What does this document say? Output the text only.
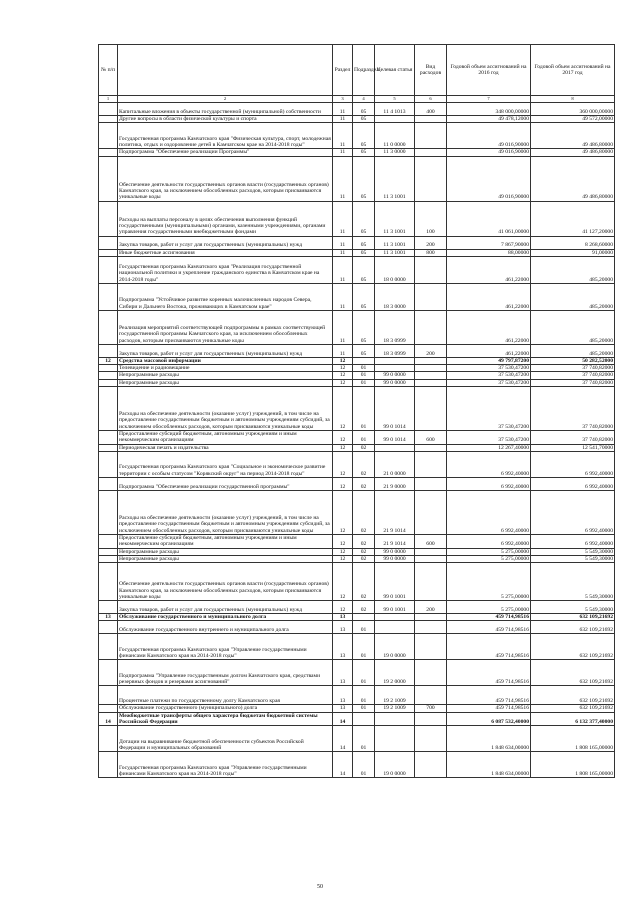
№ п/п		Раздел	Подраздел	Целевая статья	Вид расходов	Годовой объем ассигнований на 2016 год	Годовой объем ассигнований на 2017 год
1	2	3	4	5	6	7	8
	Капитальные вложения в объекты государственной (муниципальной) собственности	11	05	11 4 1013	400	348 000,00000	360 000,00000
	Другие вопросы в области физической культуры и спорта	11	05			49 478,12000	49 572,00000
	Государственная программа Камчатского края "Физическая культура, спорт, молодежная политика, отдых и оздоровление детей в Камчатском крае на 2014-2018 годы"	11	05	11 0 0000		49 016,90000	49 486,80000
	Подпрограмма "Обеспечение реализации Программы"	11	05	11 3 0000		49 016,90000	49 486,80000
	Обеспечение деятельности государственных органов власти (государственных органов) Камчатского края, за исключением обособленных расходов, которым присваиваются уникальные коды	11	05	11 3 1001		49 016,90000	49 486,80000
	Расходы на выплаты персоналу в целях обеспечения выполнения функций государственными (муниципальными) органами, казенными учреждениями, органами управления государственными внебюджетными фондами	11	05	11 3 1001	100	41 061,00000	41 127,20000
	Закупка товаров, работ и услуг для государственных (муниципальных) нужд	11	05	11 3 1001	200	7 867,90000	8 268,60000
	Иные бюджетные ассигнования	11	05	11 3 1001	800	88,00000	91,00000
	Государственная программа Камчатского края "Реализация государственной национальной политики и укрепление гражданского единства в Камчатском крае на 2014-2018 годы"	11	05	18 0 0000		461,22000	485,20000
	Подпрограмма "Устойчивое развитие коренных малочисленных народов Севера, Сибири и Дальнего Востока, проживающих в Камчатском крае"	11	05	18 3 0000		461,22000	485,20000
	Реализация мероприятий соответствующей подпрограммы в рамках соответствующей государственной программы Камчатского края, за исключением обособленных расходов, которым присваиваются уникальные коды	11	05	18 3 0999		461,22000	485,20000
	Закупка товаров, работ и услуг для государственных (муниципальных) нужд	11	05	18 3 0999	200	461,22000	485,20000
12	Средства массовой информации	12				49 797,87200	50 282,52000
	Телевидение и радиовещание	12	01			37 530,47200	37 740,82000
	Непрограммные расходы	12	01	99 0 0000		37 530,47200	37 740,82000
	Непрограммные расходы	12	01	99 0 0000		37 530,47200	37 740,82000
	Расходы на обеспечение деятельности (оказание услуг) учреждений, в том числе на предоставление государственным бюджетным и автономным учреждениям субсидий, за исключением обособленных расходов, которым присваиваются уникальные коды	12	01	99 0 1014		37 530,47200	37 740,82000
	Предоставление субсидий бюджетным, автономным учреждениям и иным некоммерческим организациям	12	01	99 0 1014	600	37 530,47200	37 740,82000
	Периодическая печать и издательства	12	02			12 267,40000	12 541,70000
	Государственная программа Камчатского края "Социальное и экономическое развитие территории с особым статусом "Корякский округ" на период 2014-2018 годы"	12	02	21 0 0000		6 992,40000	6 992,40000
	Подпрограмма "Обеспечение реализации государственной программы"	12	02	21 9 0000		6 992,40000	6 992,40000
	Расходы на обеспечение деятельности (оказание услуг) учреждений, в том числе на предоставление государственным бюджетным и автономным учреждениям субсидий, за исключением обособленных расходов, которым присваиваются уникальные коды	12	02	21 9 1014		6 992,40000	6 992,40000
	Предоставление субсидий бюджетным, автономным учреждениям и иным некоммерческим организациям	12	02	21 9 1014	600	6 992,40000	6 992,40000
	Непрограммные расходы	12	02	99 0 0000		5 275,00000	5 549,30000
	Непрограммные расходы	12	02	99 0 0000		5 275,00000	5 549,30000
	Обеспечение деятельности государственных органов власти (государственных органов) Камчатского края, за исключением обособленных расходов, которым присваиваются уникальные коды	12	02	99 0 1001		5 275,00000	5 549,30000
	Закупка товаров, работ и услуг для государственных (муниципальных) нужд	12	02	99 0 1001	200	5 275,00000	5 549,30000
13	Обслуживание государственного и муниципального долга	13				459 714,98516	632 109,21692
	Обслуживание государственного внутреннего и муниципального долга	13	01			459 714,98516	632 109,21692
	Государственная программа Камчатского края "Управление государственными финансами Камчатского края на 2014-2018 годы"	13	01	19 0 0000		459 714,98516	632 109,21692
	Подпрограмма "Управление государственным долгом Камчатского края, средствами резервных фондов и резервами ассигнований"	13	01	19 2 0000		459 714,98516	632 109,21692
	Процентные платежи по государственному долгу Камчатского края	13	01	19 2 1009		459 714,98516	632 109,21692
	Обслуживание государственного (муниципального) долга	13	01	19 2 1009	700	459 714,98516	632 109,21692
14	Межбюджетные трансферты общего характера бюджетам бюджетной системы Российской Федерации	14				6 087 532,40000	6 132 377,40000
	Дотации на выравнивание бюджетной обеспеченности субъектов Российской Федерации и муниципальных образований	14	01			1 848 634,00000	1 808 165,00000
	Государственная программа Камчатского края "Управление государственными финансами Камчатского края на 2014-2018 годы"	14	01	19 0 0000		1 848 634,00000	1 808 165,00000
50
